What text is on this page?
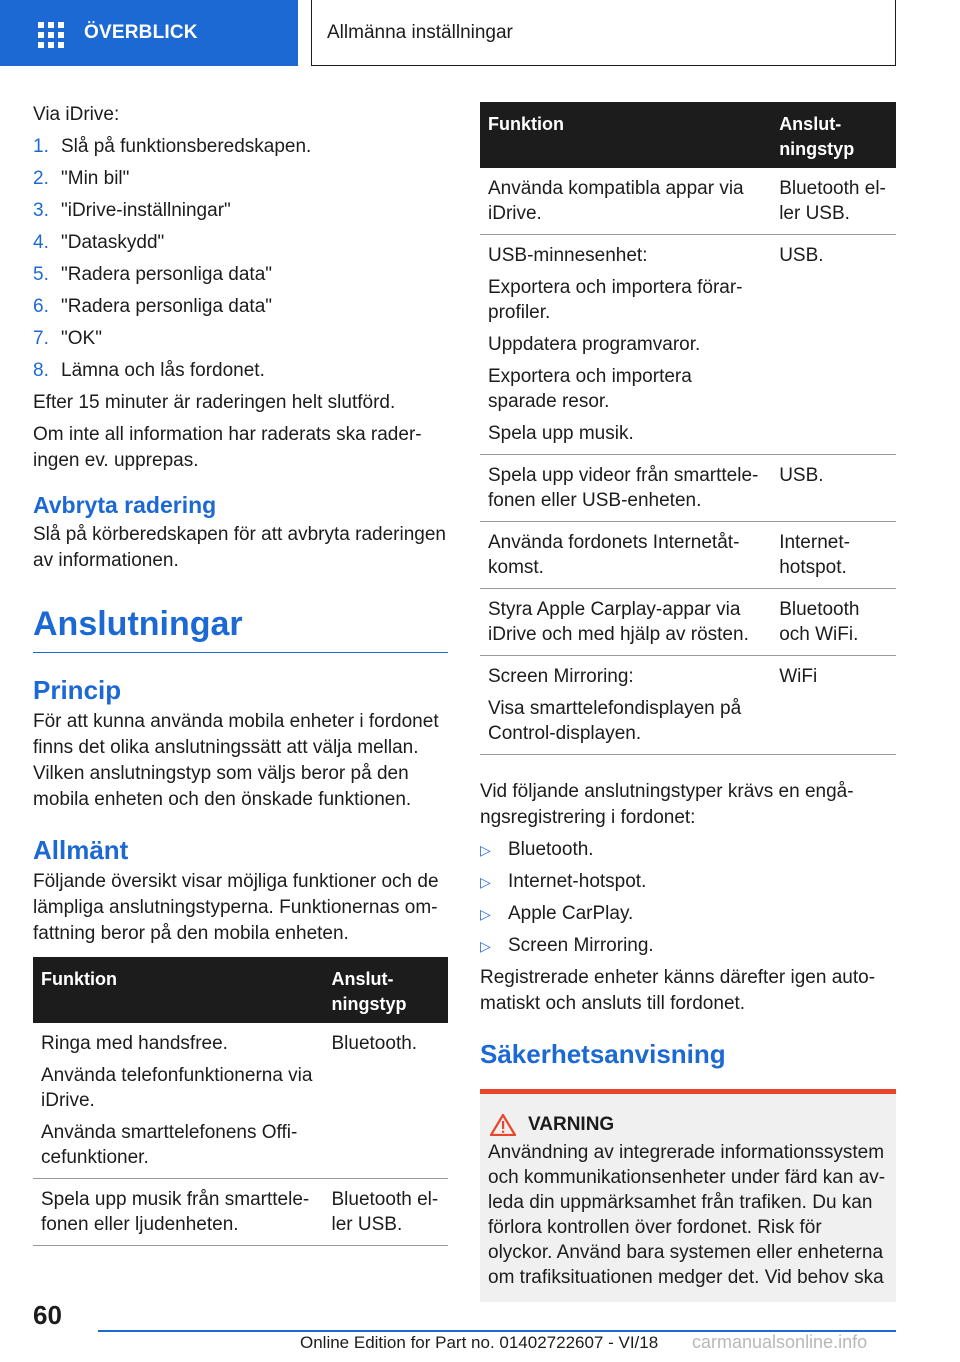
ÖVERBLICK	Allmänna inställningar

Via iDrive:

1. Slå på funktionsberedskapen.
2. "Min bil"
3. "iDrive-inställningar"
4. "Dataskydd"
5. "Radera personliga data"
6. "Radera personliga data"
7. "OK"
8. Lämna och lås fordonet.

Efter 15 minuter är raderingen helt slutförd.

Om inte all information har raderats ska raderingen ev. upprepas.

Avbryta radering

Slå på körberedskapen för att avbryta raderingen av informationen.

Anslutningar
Princip

För att kunna använda mobila enheter i fordonet finns det olika anslutningssätt att välja mellan. Vilken anslutningstyp som väljs beror på den mobila enheten och den önskade funktionen.

Allmänt

Följande översikt visar möjliga funktioner och de lämpliga anslutningstyperna. Funktionernas omfattning beror på den mobila enheten.

Funktion	Anslutningstyp

Ringa med handsfree.
Använda telefonfunktionerna via iDrive.
Använda smarttelefonens Officefunktioner.	Bluetooth.

Spela upp musik från smarttelefonen eller ljudenheten.	Bluetooth eller USB.
Funktion	Anslutningstyp

Använda kompatibla appar via iDrive.	Bluetooth eller USB.

USB-minnesenhet:
Exportera och importera förarprofiler.
Uppdatera programvaror.
Exportera och importera sparade resor.
Spela upp musik.	USB.

Spela upp videor från smarttelefonen eller USB-enheten.	USB.

Använda fordonets Internetåtkomst.	Internet-hotspot.

Styra Apple Carplay-appar via iDrive och med hjälp av rösten.	Bluetooth och WiFi.

Screen Mirroring:
Visa smarttelefondisplayen på Control-displayen.	WiFi

Vid följande anslutningstyper krävs en engångsregistrering i fordonet:

▷ Bluetooth.
▷ Internet-hotspot.
▷ Apple CarPlay.
▷ Screen Mirroring.

Registrerade enheter känns därefter igen automatiskt och ansluts till fordonet.

Säkerhetsanvisning
VARNING

Användning av integrerade informationssystem och kommunikationsenheter under färd kan avleda din uppmärksamhet från trafiken. Du kan förlora kontrollen över fordonet. Risk för olyckor. Använd bara systemen eller enheterna om trafiksituationen medger det. Vid behov ska

60
Online Edition for Part no. 01402722607 - VI/18 carmanualsonline.info
